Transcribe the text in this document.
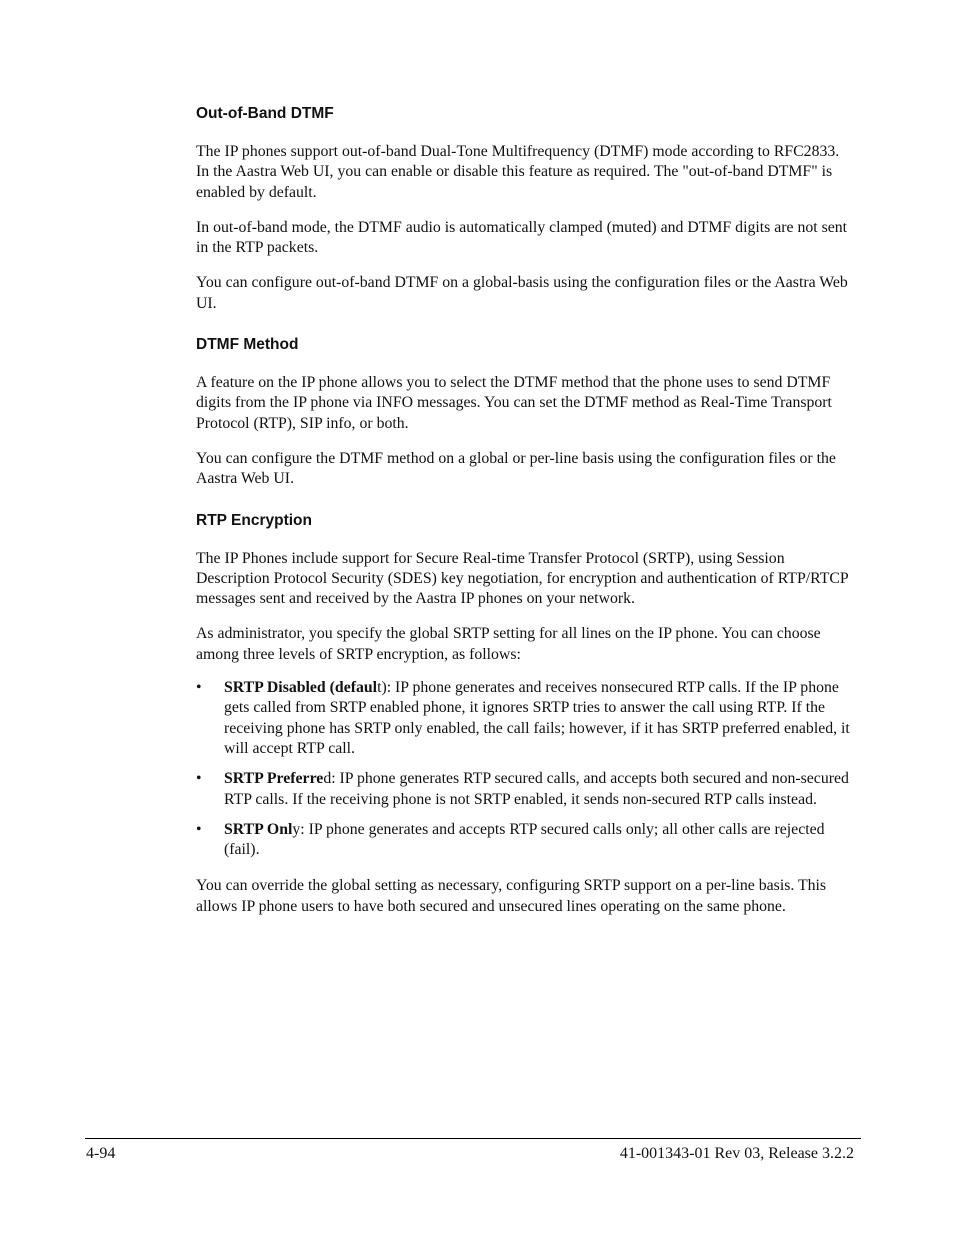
Out-of-Band DTMF

The IP phones support out-of-band Dual-Tone Multifrequency (DTMF) mode according to RFC2833. In the Aastra Web UI, you can enable or disable this feature as required. The "out-of-band DTMF" is enabled by default.

In out-of-band mode, the DTMF audio is automatically clamped (muted) and DTMF digits are not sent in the RTP packets.

You can configure out-of-band DTMF on a global-basis using the configuration files or the Aastra Web UI.

DTMF Method

A feature on the IP phone allows you to select the DTMF method that the phone uses to send DTMF digits from the IP phone via INFO messages. You can set the DTMF method as Real-Time Transport Protocol (RTP), SIP info, or both.

You can configure the DTMF method on a global or per-line basis using the configuration files or the Aastra Web UI.

RTP Encryption

The IP Phones include support for Secure Real-time Transfer Protocol (SRTP), using Session Description Protocol Security (SDES) key negotiation, for encryption and authentication of RTP/RTCP messages sent and received by the Aastra IP phones on your network.

As administrator, you specify the global SRTP setting for all lines on the IP phone. You can choose among three levels of SRTP encryption, as follows:

• SRTP Disabled (default): IP phone generates and receives nonsecured RTP calls. If the IP phone gets called from SRTP enabled phone, it ignores SRTP tries to answer the call using RTP. If the receiving phone has SRTP only enabled, the call fails; however, if it has SRTP preferred enabled, it will accept RTP call.
• SRTP Preferred: IP phone generates RTP secured calls, and accepts both secured and non-secured RTP calls. If the receiving phone is not SRTP enabled, it sends non-secured RTP calls instead.
• SRTP Only: IP phone generates and accepts RTP secured calls only; all other calls are rejected (fail).

You can override the global setting as necessary, configuring SRTP support on a per-line basis. This allows IP phone users to have both secured and unsecured lines operating on the same phone.

4-94	41-001343-01 Rev 03, Release 3.2.2
